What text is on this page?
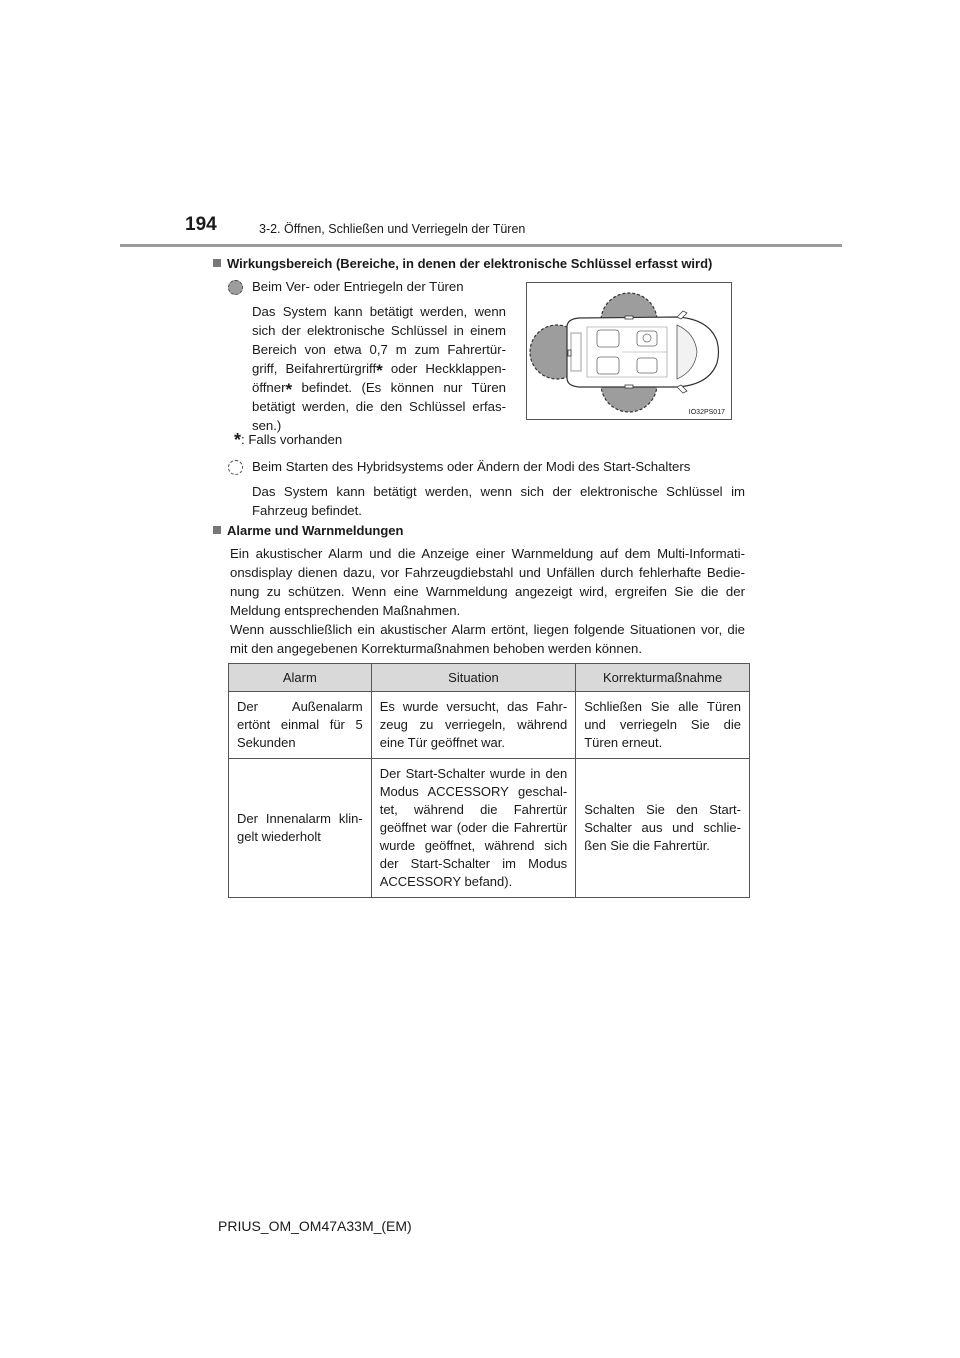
194	3-2. Öffnen, Schließen und Verriegeln der Türen
Wirkungsbereich (Bereiche, in denen der elektronische Schlüssel erfasst wird)
Beim Ver- oder Entriegeln der Türen
Das System kann betätigt werden, wenn sich der elektronische Schlüssel in einem Bereich von etwa 0,7 m zum Fahrertür- griff, Beifahrertürgriff* oder Heckklappen- öffner* befindet. (Es können nur Türen betätigt werden, die den Schlüssel erfas- sen.)
IO32PS017
*: Falls vorhanden
Beim Starten des Hybridsystems oder Ändern der Modi des Start-Schalters
Das System kann betätigt werden, wenn sich der elektronische Schlüssel im Fahrzeug befindet.
Alarme und Warnmeldungen
Ein akustischer Alarm und die Anzeige einer Warnmeldung auf dem Multi-Informati- onsdisplay dienen dazu, vor Fahrzeugdiebstahl und Unfällen durch fehlerhafte Bedie- nung zu schützen. Wenn eine Warnmeldung angezeigt wird, ergreifen Sie die der Meldung entsprechenden Maßnahmen.
Wenn ausschließlich ein akustischer Alarm ertönt, liegen folgende Situationen vor, die mit den angegebenen Korrekturmaßnahmen behoben werden können.
Alarm	Situation	Korrekturmaßnahme
Der Außenalarm ertönt einmal für 5 Sekunden	Es wurde versucht, das Fahr- zeug zu verriegeln, während eine Tür geöffnet war.	Schließen Sie alle Türen und verriegeln Sie die Türen erneut.
Der Innenalarm klin- gelt wiederholt	Der Start-Schalter wurde in den Modus ACCESSORY geschal- tet, während die Fahrertür geöffnet war (oder die Fahrertür wurde geöffnet, während sich der Start-Schalter im Modus ACCESSORY befand).	Schalten Sie den Start- Schalter aus und schlie- ßen Sie die Fahrertür.
PRIUS_OM_OM47A33M_(EM)
